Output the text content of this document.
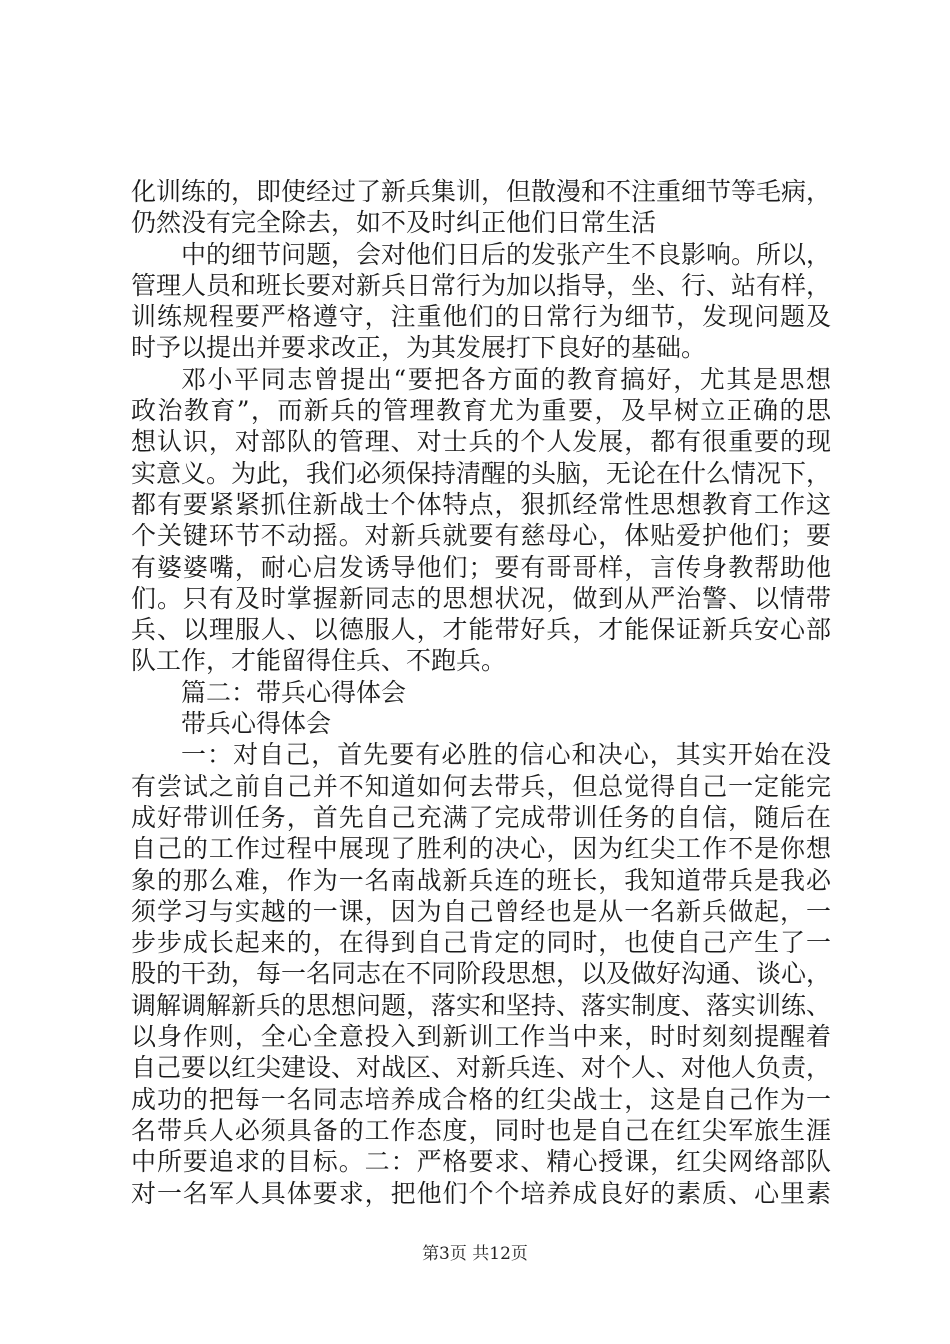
化训练的，即使经过了新兵集训，但散漫和不注重细节等毛病，
仍然没有完全除去，如不及时纠正他们日常生活
中的细节问题，会对他们日后的发张产生不良影响。所以，
管理人员和班长要对新兵日常行为加以指导，坐、行、站有样，
训练规程要严格遵守，注重他们的日常行为细节，发现问题及
时予以提出并要求改正，为其发展打下良好的基础。
邓小平同志曾提出“要把各方面的教育搞好，尤其是思想
政治教育”，而新兵的管理教育尤为重要，及早树立正确的思
想认识，对部队的管理、对士兵的个人发展，都有很重要的现
实意义。为此，我们必须保持清醒的头脑，无论在什么情况下，
都有要紧紧抓住新战士个体特点，狠抓经常性思想教育工作这
个关键环节不动摇。对新兵就要有慈母心，体贴爱护他们；要
有婆婆嘴，耐心启发诱导他们；要有哥哥样，言传身教帮助他
们。只有及时掌握新同志的思想状况，做到从严治警、以情带
兵、以理服人、以德服人，才能带好兵，才能保证新兵安心部
队工作，才能留得住兵、不跑兵。
篇二：带兵心得体会
带兵心得体会
一：对自己，首先要有必胜的信心和决心，其实开始在没
有尝试之前自己并不知道如何去带兵，但总觉得自己一定能完
成好带训任务，首先自己充满了完成带训任务的自信，随后在
自己的工作过程中展现了胜利的决心，因为红尖工作不是你想
象的那么难，作为一名南战新兵连的班长，我知道带兵是我必
须学习与实越的一课，因为自己曾经也是从一名新兵做起，一
步步成长起来的，在得到自己肯定的同时，也使自己产生了一
股的干劲，每一名同志在不同阶段思想，以及做好沟通、谈心，
调解调解新兵的思想问题，落实和坚持、落实制度、落实训练、
以身作则，全心全意投入到新训工作当中来，时时刻刻提醒着
自己要以红尖建设、对战区、对新兵连、对个人、对他人负责，
成功的把每一名同志培养成合格的红尖战士，这是自己作为一
名带兵人必须具备的工作态度，同时也是自己在红尖军旅生涯
中所要追求的目标。二：严格要求、精心授课，红尖网络部队
对一名军人具体要求，把他们个个培养成良好的素质、心里素
第3页 共12页
